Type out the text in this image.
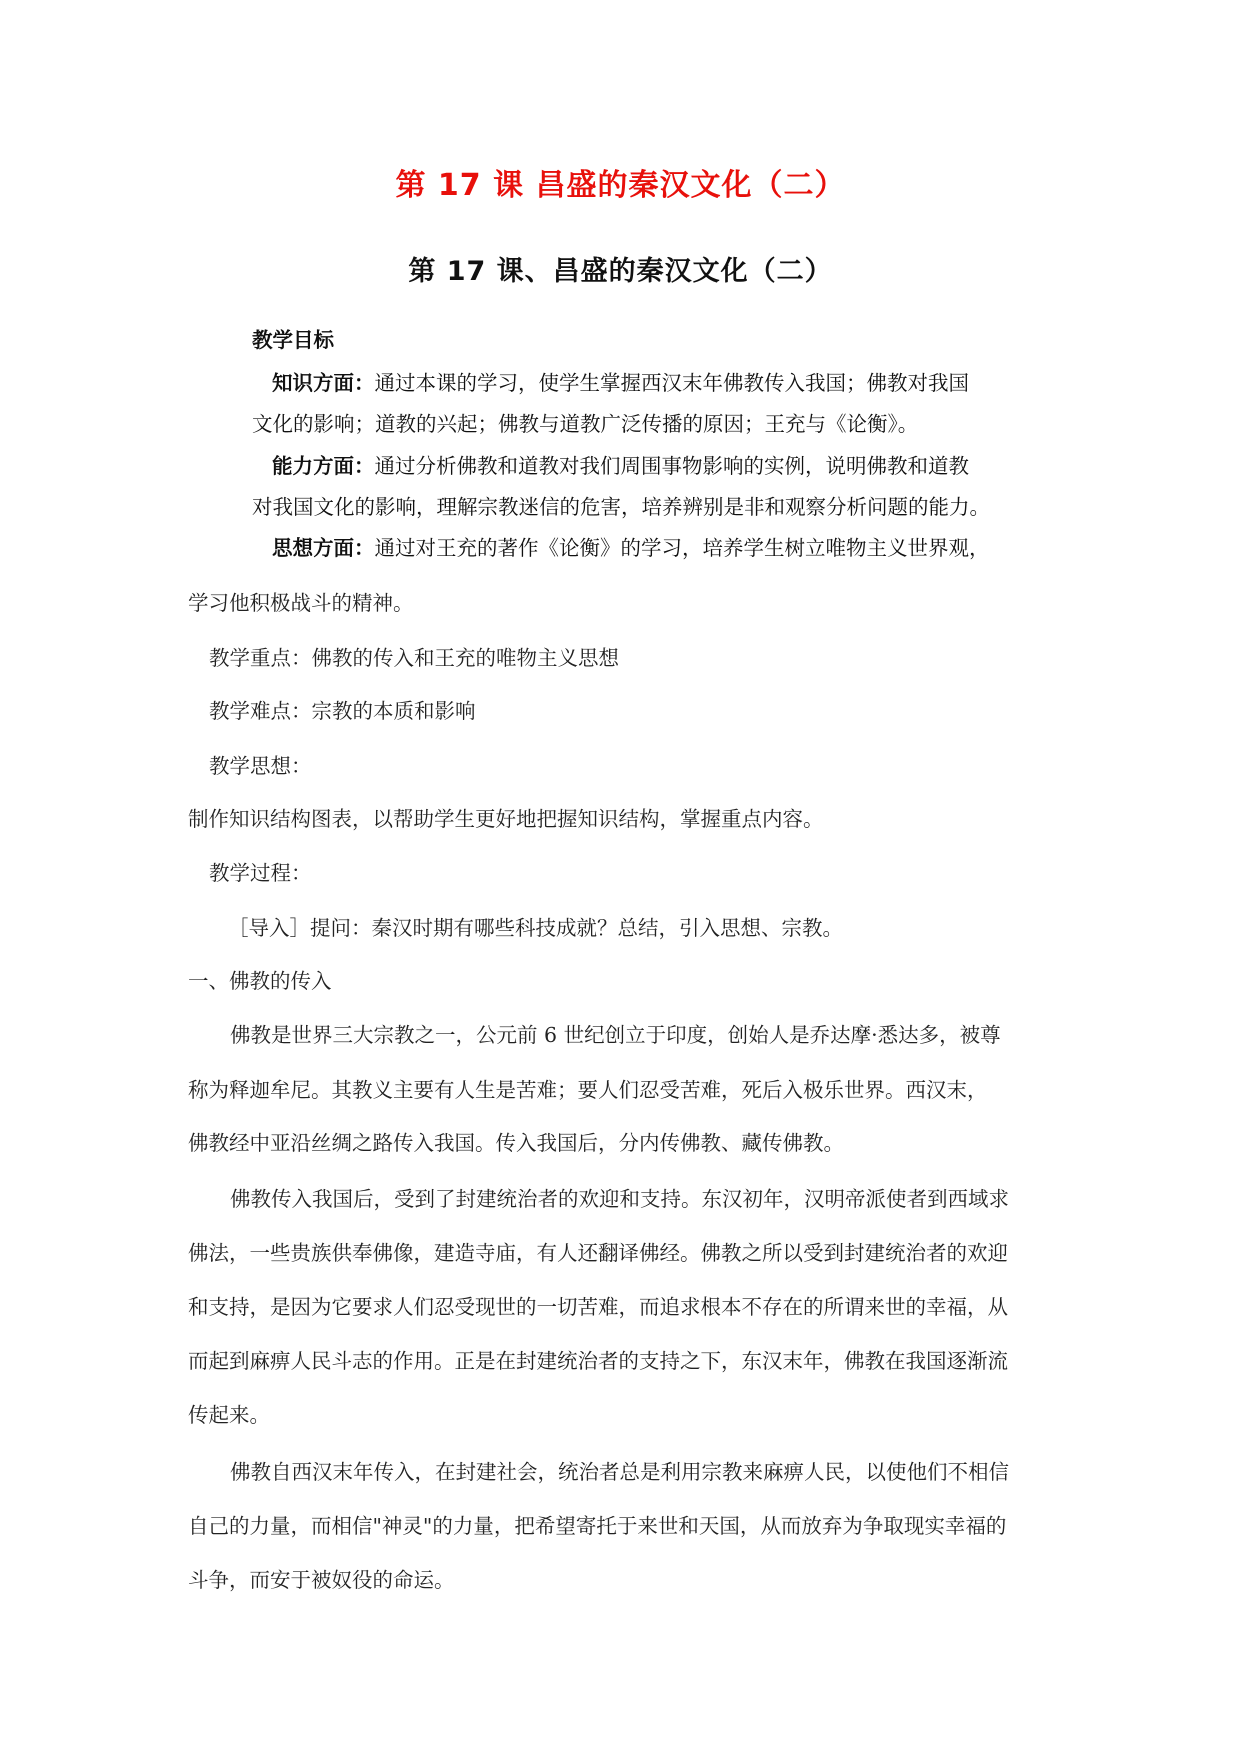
第 17 课 昌盛的秦汉文化（二）
第 17 课、昌盛的秦汉文化（二）
教学目标
知识方面：通过本课的学习，使学生掌握西汉末年佛教传入我国；佛教对我国
文化的影响；道教的兴起；佛教与道教广泛传播的原因；王充与《论衡》。
能力方面：通过分析佛教和道教对我们周围事物影响的实例，说明佛教和道教
对我国文化的影响，理解宗教迷信的危害，培养辨别是非和观察分析问题的能力。
思想方面：通过对王充的著作《论衡》的学习，培养学生树立唯物主义世界观，
学习他积极战斗的精神。
教学重点：佛教的传入和王充的唯物主义思想
教学难点：宗教的本质和影响
教学思想：
制作知识结构图表，以帮助学生更好地把握知识结构，掌握重点内容。
教学过程：
［导入］提问：秦汉时期有哪些科技成就？总结，引入思想、宗教。
一、佛教的传入
佛教是世界三大宗教之一，公元前 6 世纪创立于印度，创始人是乔达摩·悉达多，被尊
称为释迦牟尼。其教义主要有人生是苦难；要人们忍受苦难，死后入极乐世界。西汉末，
佛教经中亚沿丝绸之路传入我国。传入我国后，分内传佛教、藏传佛教。
佛教传入我国后，受到了封建统治者的欢迎和支持。东汉初年，汉明帝派使者到西域求
佛法，一些贵族供奉佛像，建造寺庙，有人还翻译佛经。佛教之所以受到封建统治者的欢迎
和支持，是因为它要求人们忍受现世的一切苦难，而追求根本不存在的所谓来世的幸福，从
而起到麻痹人民斗志的作用。正是在封建统治者的支持之下，东汉末年，佛教在我国逐渐流
传起来。
佛教自西汉末年传入，在封建社会，统治者总是利用宗教来麻痹人民，以使他们不相信
自己的力量，而相信"神灵"的力量，把希望寄托于来世和天国，从而放弃为争取现实幸福的
斗争，而安于被奴役的命运。
